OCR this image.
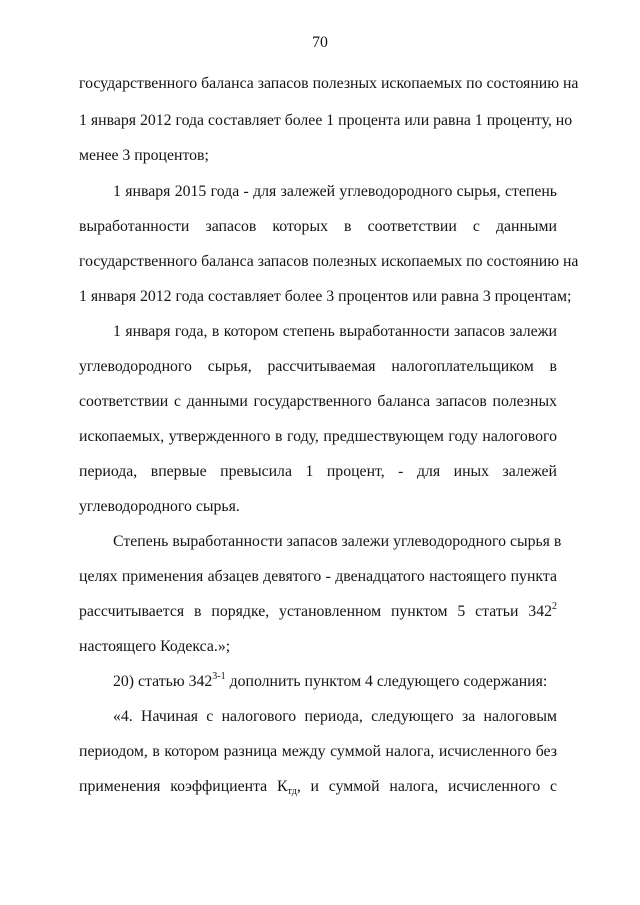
70
государственного баланса запасов полезных ископаемых по состоянию на
1 января 2012 года составляет более 1 процента или равна 1 проценту, но
менее 3 процентов;
1 января 2015 года - для залежей углеводородного сырья, степень
выработанности запасов которых в соответствии с данными
государственного баланса запасов полезных ископаемых по состоянию на
1 января 2012 года составляет более 3 процентов или равна 3 процентам;
1 января года, в котором степень выработанности запасов залежи
углеводородного сырья, рассчитываемая налогоплательщиком в
соответствии с данными государственного баланса запасов полезных
ископаемых, утвержденного в году, предшествующем году налогового
периода, впервые превысила 1 процент, - для иных залежей
углеводородного сырья.
Степень выработанности запасов залежи углеводородного сырья в
целях применения абзацев девятого - двенадцатого настоящего пункта
рассчитывается в порядке, установленном пунктом 5 статьи $342^2$
настоящего Кодекса.»;
20) статью 342$^{3-1}$ дополнить пунктом 4 следующего содержания:
«4. Начиная с налогового периода, следующего за налоговым
периодом, в котором разница между суммой налога, исчисленного без
применения коэффициента $К_{тд}$, и суммой налога, исчисленного с
